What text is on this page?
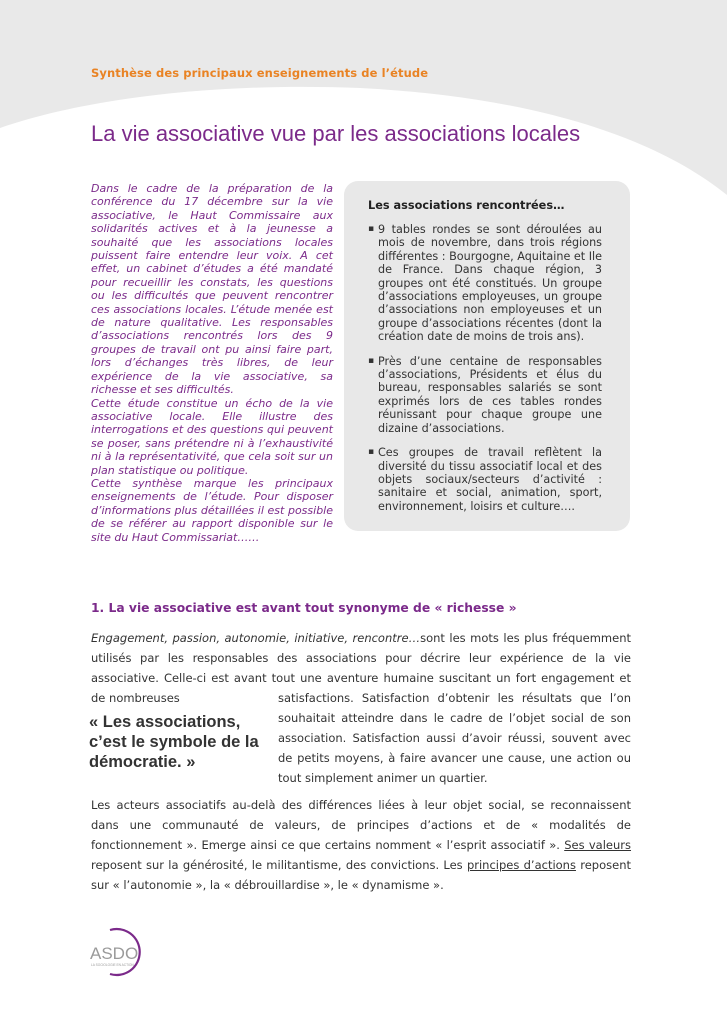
Synthèse des principaux enseignements de l’étude
La vie associative vue par les associations locales

Dans le cadre de la préparation de la conférence du 17 décembre sur la vie associative, le Haut Commissaire aux solidarités actives et à la jeunesse a souhaité que les associations locales puissent faire entendre leur voix. A cet effet, un cabinet d’études a été mandaté pour recueillir les constats, les questions ou les difficultés que peuvent rencontrer ces associations locales. L’étude menée est de nature qualitative. Les responsables d’associations rencontrés lors des 9 groupes de travail ont pu ainsi faire part, lors d’échanges très libres, de leur expérience de la vie associative, sa richesse et ses difficultés.

Cette étude constitue un écho de la vie associative locale. Elle illustre des interrogations et des questions qui peuvent se poser, sans prétendre ni à l’exhaustivité ni à la représentativité, que cela soit sur un plan statistique ou politique.

Cette synthèse marque les principaux enseignements de l’étude. Pour disposer d’informations plus détaillées il est possible de se référer au rapport disponible sur le site du Haut Commissariat……

Les associations rencontrées…
▪ 9 tables rondes se sont déroulées au mois de novembre, dans trois régions différentes : Bourgogne, Aquitaine et Ile de France. Dans chaque région, 3 groupes ont été constitués. Un groupe d’associations employeuses, un groupe d’associations non employeuses et un groupe d’associations récentes (dont la création date de moins de trois ans).
▪ Près d’une centaine de responsables d’associations, Présidents et élus du bureau, responsables salariés se sont exprimés lors de ces tables rondes réunissant pour chaque groupe une dizaine d’associations.
▪ Ces groupes de travail reflètent la diversité du tissu associatif local et des objets sociaux/secteurs d’activité : sanitaire et social, animation, sport, environnement, loisirs et culture….
1. La vie associative est avant tout synonyme de « richesse »

Engagement, passion, autonomie, initiative, rencontre…sont les mots les plus fréquemment utilisés par les responsables des associations pour décrire leur expérience de la vie associative. Celle-ci est avant tout une aventure humaine suscitant un fort engagement et de nombreuses

« Les associations, c’est le symbole de la démocratie. »

satisfactions. Satisfaction d’obtenir les résultats que l’on souhaitait atteindre dans le cadre de l’objet social de son association. Satisfaction aussi d’avoir réussi, souvent avec de petits moyens, à faire avancer une cause, une action ou tout simplement animer un quartier.

Les acteurs associatifs au-delà des différences liées à leur objet social, se reconnaissent dans une communauté de valeurs, de principes d’actions et de « modalités de fonctionnement ». Emerge ainsi ce que certains nomment « l’esprit associatif ». Ses valeurs reposent sur la générosité, le militantisme, des convictions. Les principes d’actions reposent sur « l’autonomie », la « débrouillardise », le « dynamisme ».

ASDO
LA SOCIOLOGIE EN ACTION
